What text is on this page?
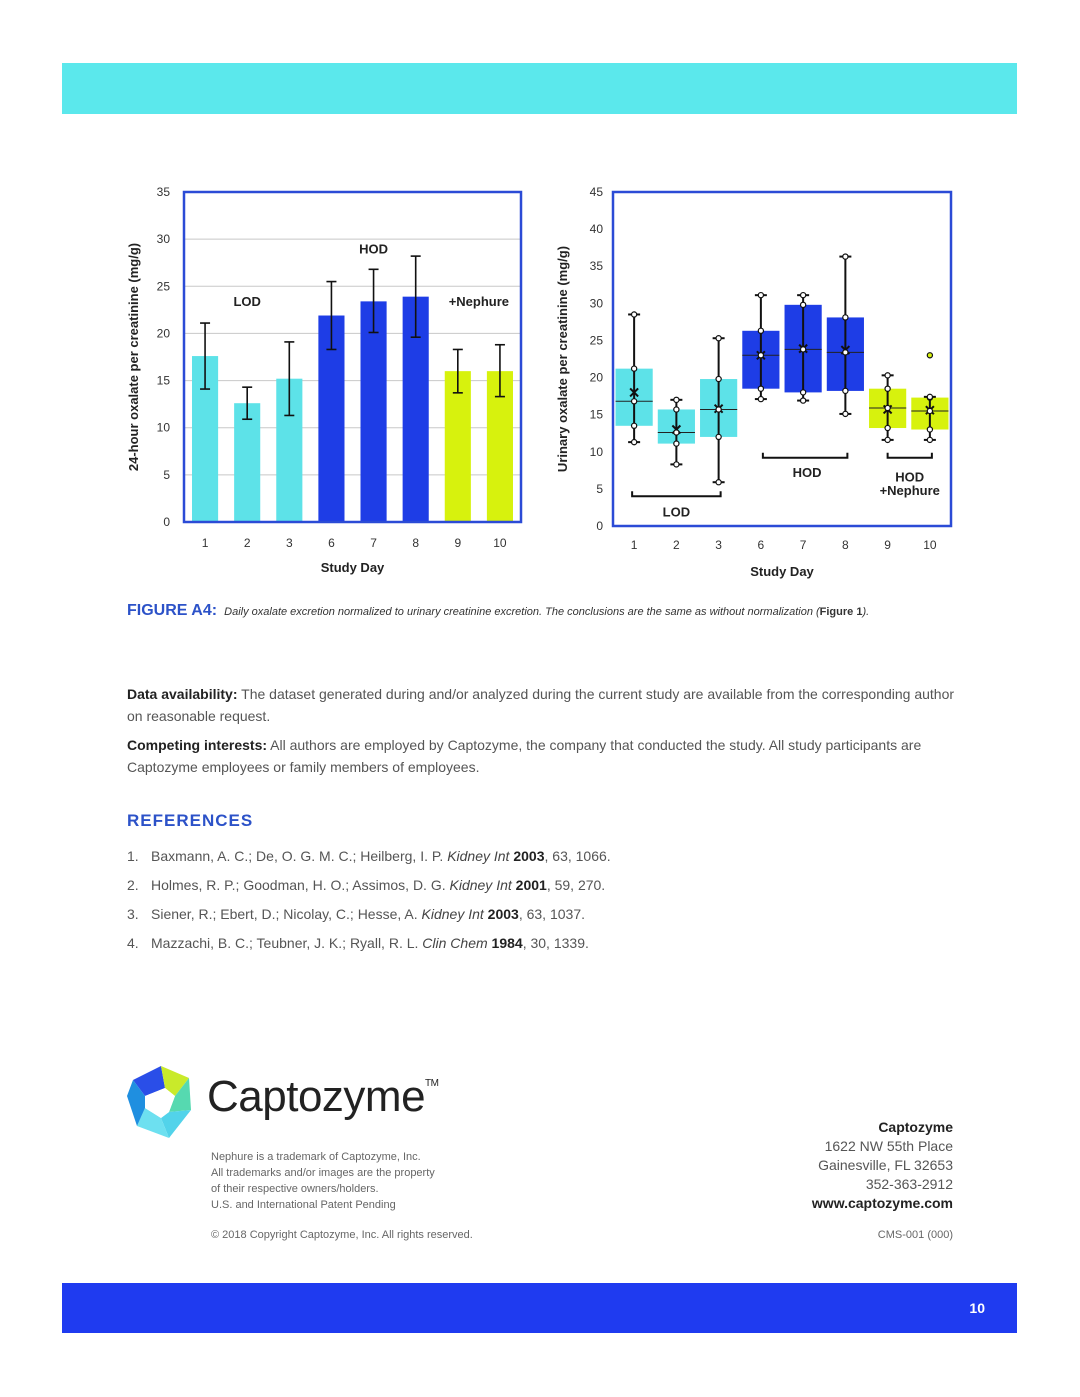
0
5
10
15
20
25
30
35
1	2	3	6	7	8	9	10
LOD
HOD
+Nephure
Study Day
24-hour oxalate per creatinine (mg/g)
0
5
10
15
20
25
30
35
40
45
1	2	3	6	7	8	9	10
LOD
HOD	HOD
+Nephure
Study Day
Urinary oxalate per creatinine (mg/g)
FIGURE A4: Daily oxalate excretion normalized to urinary creatinine excretion. The conclusions are the same as without normalization (Figure 1).
Data availability: The dataset generated during and/or analyzed during the current study are available from the corresponding author on reasonable request.
Competing interests: All authors are employed by Captozyme, the company that conducted the study. All study participants are Captozyme employees or family members of employees.
REFERENCES
1. Baxmann, A. C.; De, O. G. M. C.; Heilberg, I. P. Kidney Int 2003, 63, 1066.
2. Holmes, R. P.; Goodman, H. O.; Assimos, D. G. Kidney Int 2001, 59, 270.
3. Siener, R.; Ebert, D.; Nicolay, C.; Hesse, A. Kidney Int 2003, 63, 1037.
4. Mazzachi, B. C.; Teubner, J. K.; Ryall, R. L. Clin Chem 1984, 30, 1339.
Captozyme™
Nephure is a trademark of Captozyme, Inc.
All trademarks and/or images are the property
of their respective owners/holders.
U.S. and International Patent Pending
© 2018 Copyright Captozyme, Inc. All rights reserved.
Captozyme
1622 NW 55th Place
Gainesville, FL 32653
352-363-2912
www.captozyme.com
CMS-001 (000)
10
